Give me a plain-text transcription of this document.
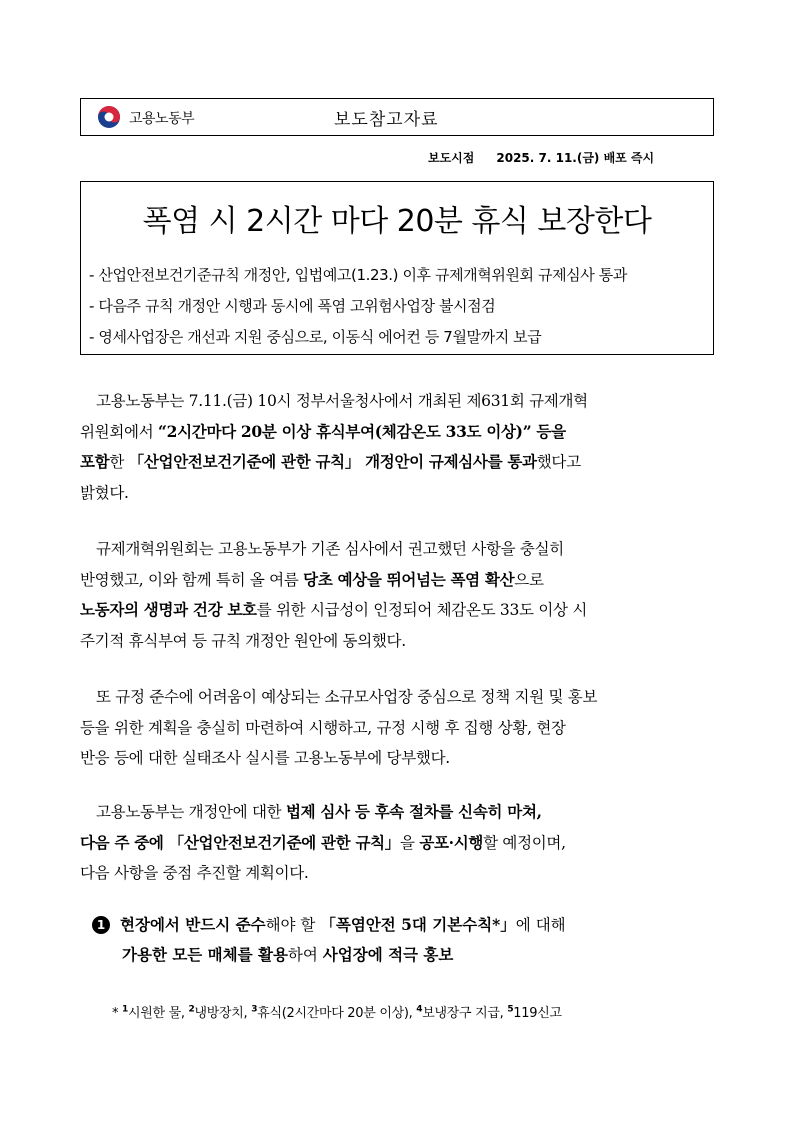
고용노동부	보도참고자료
보도시점 2025. 7. 11.(금) 배포 즉시
폭염 시 2시간 마다 20분 휴식 보장한다
- 산업안전보건기준규칙 개정안, 입법예고(1.23.) 이후 규제개혁위원회 규제심사 통과
- 다음주 규칙 개정안 시행과 동시에 폭염 고위험사업장 불시점검
- 영세사업장은 개선과 지원 중심으로, 이동식 에어컨 등 7월말까지 보급
고용노동부는 7.11.(금) 10시 정부서울청사에서 개최된 제631회 규제개혁
위원회에서 “2시간마다 20분 이상 휴식부여(체감온도 33도 이상)” 등을
포함한 「산업안전보건기준에 관한 규칙」 개정안이 규제심사를 통과했다고
밝혔다.
규제개혁위원회는 고용노동부가 기존 심사에서 권고했던 사항을 충실히
반영했고, 이와 함께 특히 올 여름 당초 예상을 뛰어넘는 폭염 확산으로
노동자의 생명과 건강 보호를 위한 시급성이 인정되어 체감온도 33도 이상 시
주기적 휴식부여 등 규칙 개정안 원안에 동의했다.
또 규정 준수에 어려움이 예상되는 소규모사업장 중심으로 정책 지원 및 홍보
등을 위한 계획을 충실히 마련하여 시행하고, 규정 시행 후 집행 상황, 현장
반응 등에 대한 실태조사 실시를 고용노동부에 당부했다.
고용노동부는 개정안에 대한 법제 심사 등 후속 절차를 신속히 마쳐,
다음 주 중에 「산업안전보건기준에 관한 규칙」을 공포·시행할 예정이며,
다음 사항을 중점 추진할 계획이다.
1 현장에서 반드시 준수해야 할 「폭염안전 5대 기본수칙*」에 대해
가용한 모든 매체를 활용하여 사업장에 적극 홍보
* $^1$시원한 물, $^2$냉방장치, $^3$휴식(2시간마다 20분 이상), $^4$보냉장구 지급, $^5$119신고
